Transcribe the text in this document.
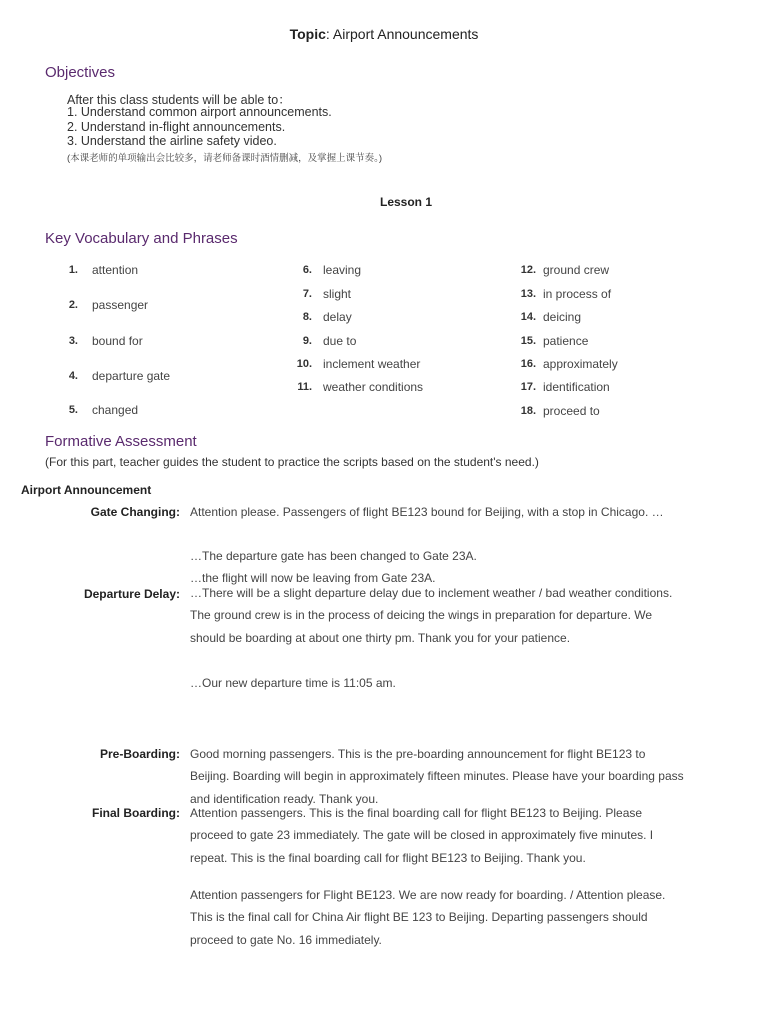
Topic: Airport Announcements
Objectives
After this class students will be able to：
1. Understand common airport announcements.
2. Understand in-flight announcements.
3. Understand the airline safety video.
(本课老师的单项输出会比较多，请老师备课时酒情删减，及掌握上课节奏。)
Lesson 1
Key Vocabulary and Phrases
1. attention
2. passenger
3. bound for
4. departure gate
5. changed
6. leaving
7. slight
8. delay
9. due to
10. inclement weather
11. weather conditions
12. ground crew
13. in process of
14. deicing
15. patience
16. approximately
17. identification
18. proceed to
Formative Assessment
(For this part, teacher guides the student to practice the scripts based on the student's need.)
Airport Announcement
Gate Changing: Attention please. Passengers of flight BE123 bound for Beijing, with a stop in Chicago. …
…The departure gate has been changed to Gate 23A.
…the flight will now be leaving from Gate 23A.
Departure Delay: …There will be a slight departure delay due to inclement weather / bad weather conditions.
The ground crew is in the process of deicing the wings in preparation for departure. We
should be boarding at about one thirty pm. Thank you for your patience.
…Our new departure time is 11:05 am.
Pre-Boarding: Good morning passengers. This is the pre-boarding announcement for flight BE123 to
Beijing. Boarding will begin in approximately fifteen minutes. Please have your boarding pass
and identification ready. Thank you.
Final Boarding: Attention passengers. This is the final boarding call for flight BE123 to Beijing. Please
proceed to gate 23 immediately. The gate will be closed in approximately five minutes. I
repeat. This is the final boarding call for flight BE123 to Beijing. Thank you.
Attention passengers for Flight BE123. We are now ready for boarding. / Attention please.
This is the final call for China Air flight BE 123 to Beijing. Departing passengers should
proceed to gate No. 16 immediately.
